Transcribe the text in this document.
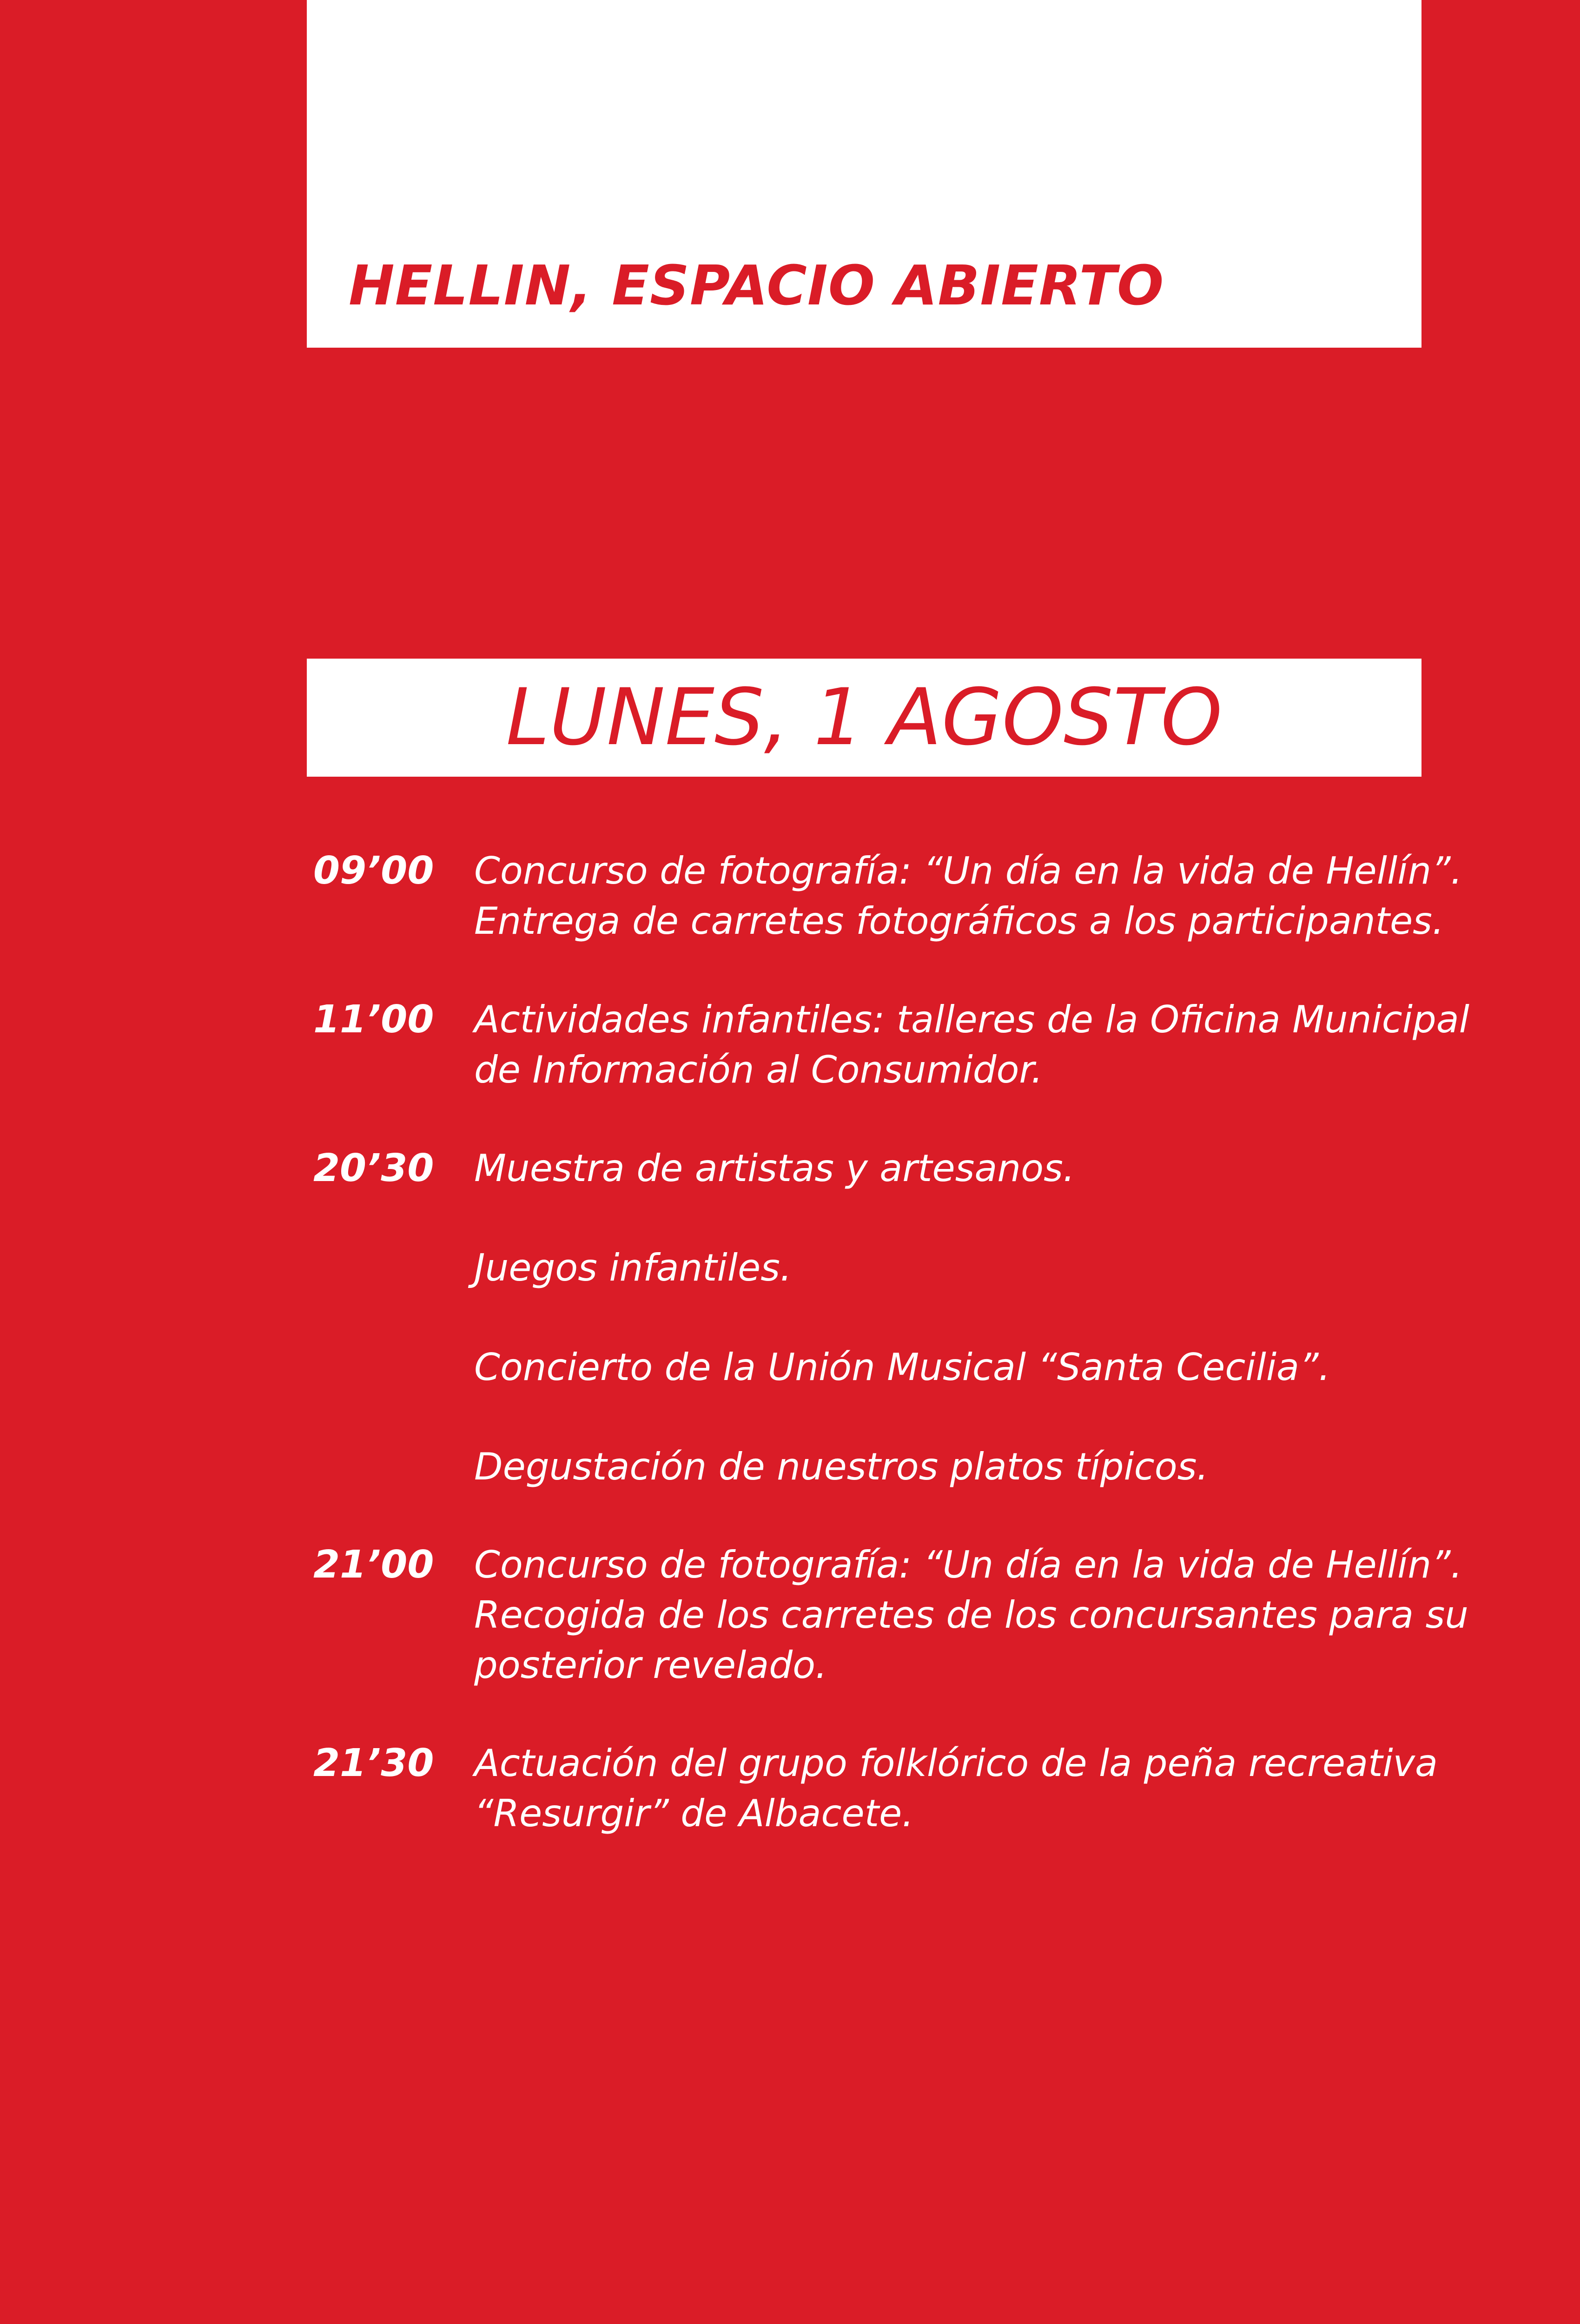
HELLIN, ESPACIO ABIERTO
LUNES, 1 AGOSTO
09’00 Concurso de fotografía: “Un día en la vida de Hellín”.
Entrega de carretes fotográficos a los participantes.
11’00 Actividades infantiles: talleres de la Oficina Municipal
de Información al Consumidor.
20’30 Muestra de artistas y artesanos.
Juegos infantiles.
Concierto de la Unión Musical “Santa Cecilia”.
Degustación de nuestros platos típicos.
21’00 Concurso de fotografía: “Un día en la vida de Hellín”.
Recogida de los carretes de los concursantes para su
posterior revelado.
21’30 Actuación del grupo folklórico de la peña recreativa
“Resurgir” de Albacete.
